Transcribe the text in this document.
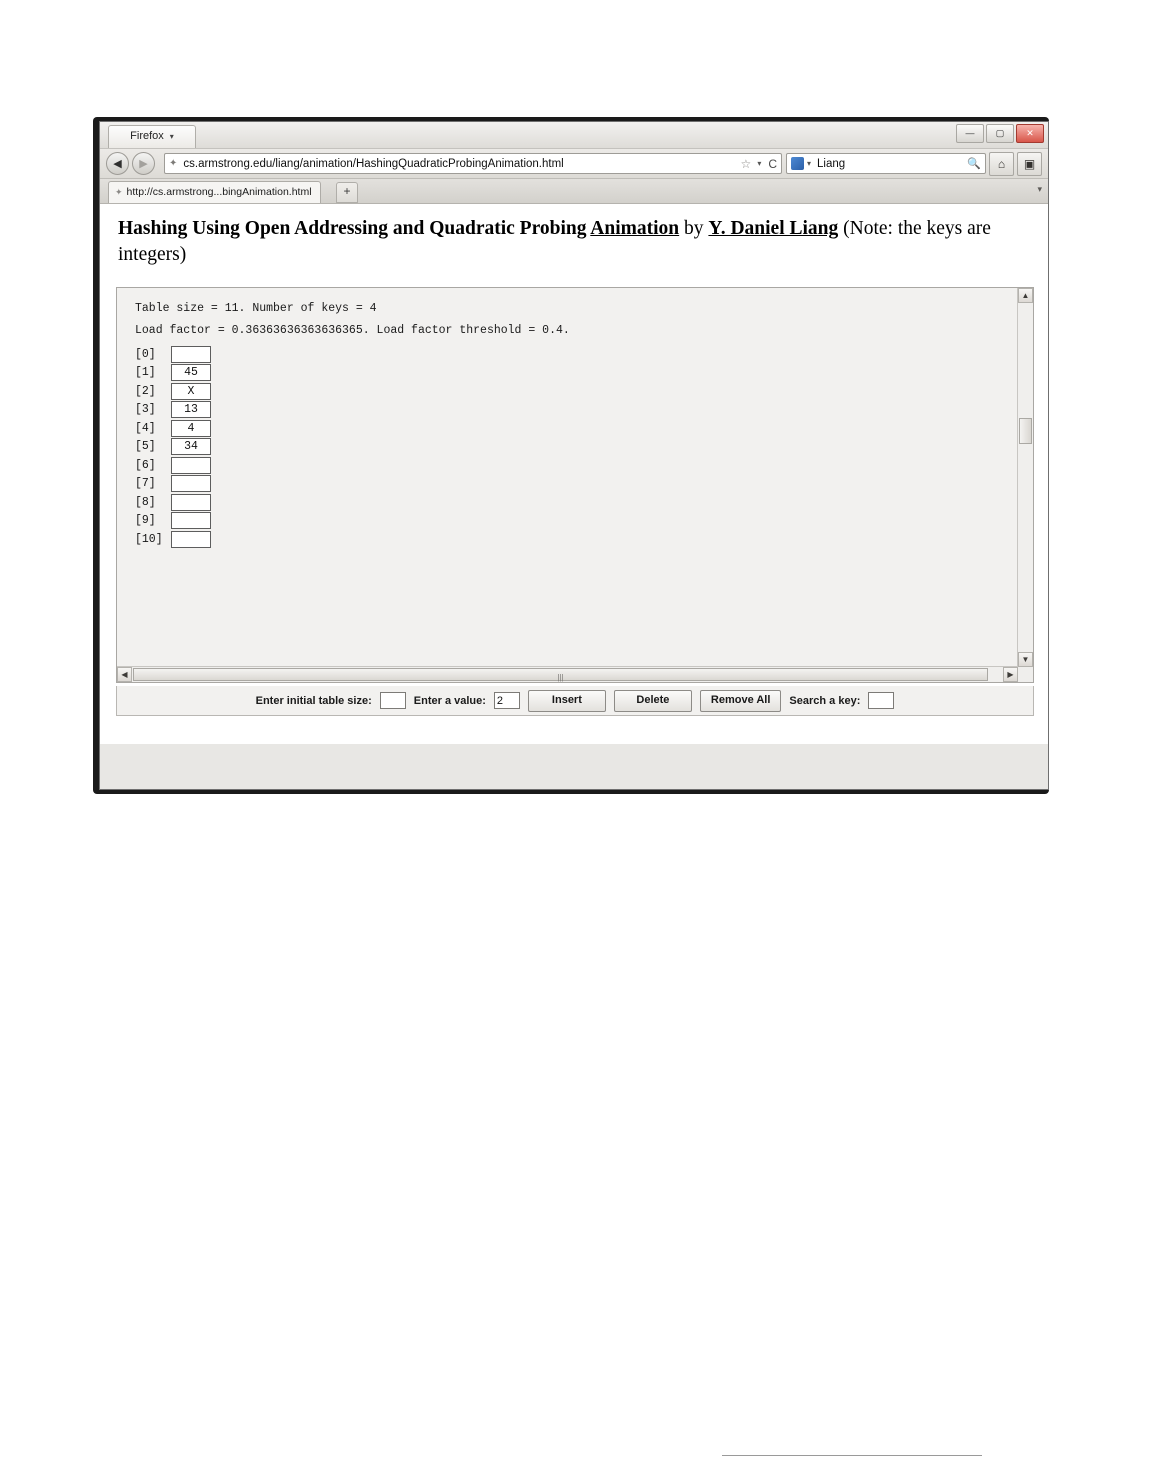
Firefox ▾	—	▢	✕
◀	▶	✦ cs.armstrong.edu/liang/animation/HashingQuadraticProbingAnimation.html	☆ ▾ C	▾ Liang	🔍	⌂	▣
✦ http://cs.armstrong...bingAnimation.html	+	▾
Hashing Using Open Addressing and Quadratic Probing Animation by Y. Daniel Liang (Note: the keys are integers)
Table size = 11. Number of keys = 4
Load factor = 0.36363636363636365. Load factor threshold = 0.4.
[0]
[1]	45
[2]	X
[3]	13
[4]	4
[5]	34
[6]
[7]
[8]
[9]
[10]
▲
▼
◀	|||	▶
Enter initial table size:	Enter a value:
2	Insert	Delete	Remove All	Search a key:
